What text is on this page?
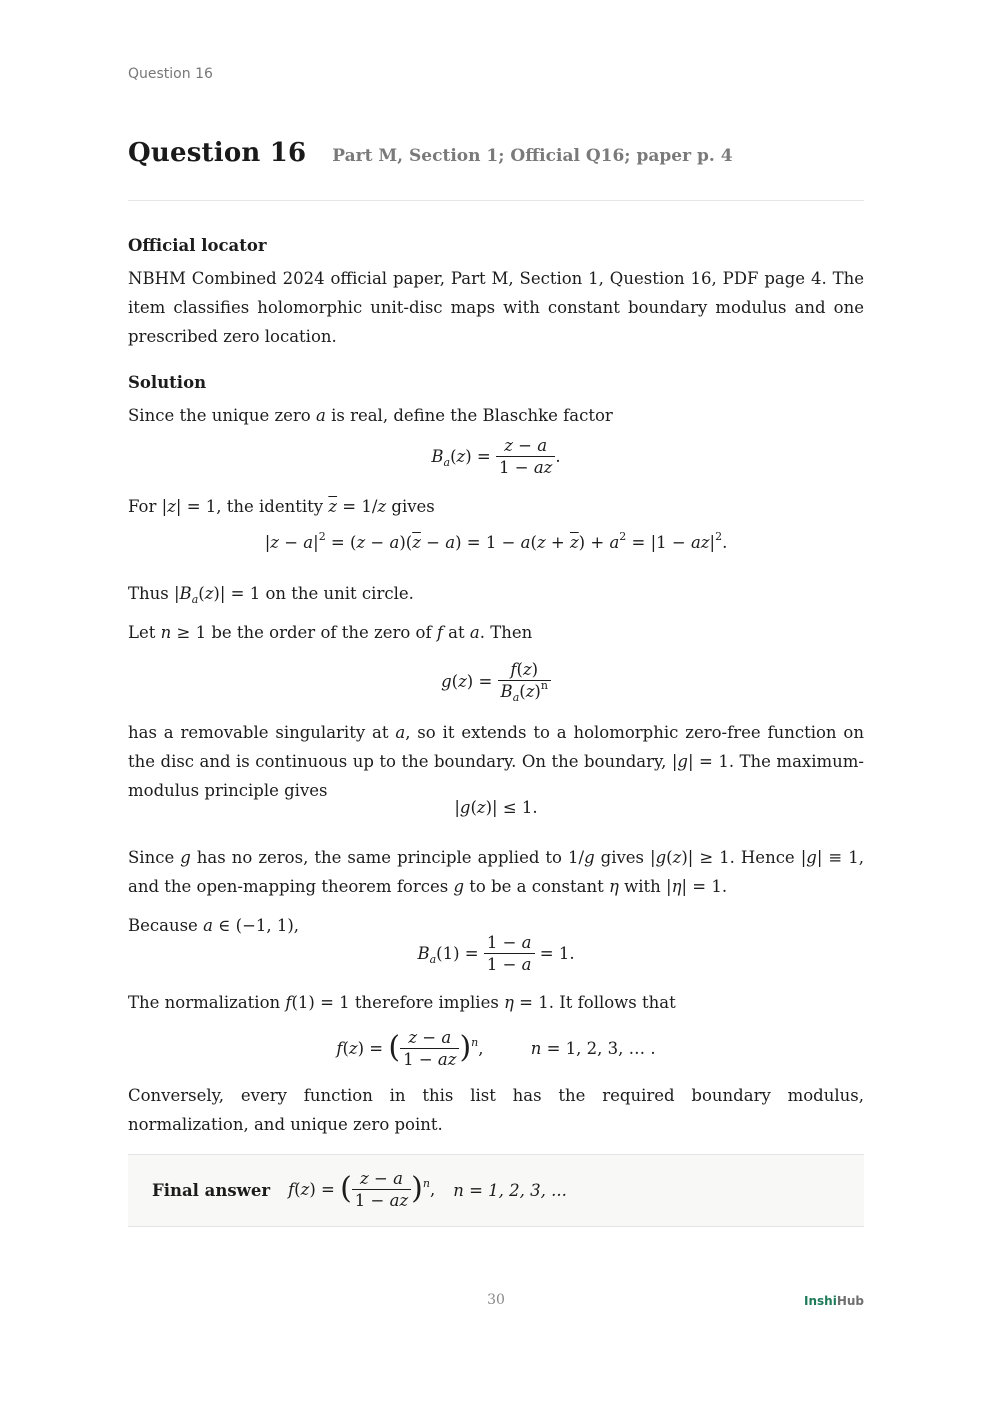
Question 16
Question 16 Part M, Section 1; Official Q16; paper p. 4
Official locator
NBHM Combined 2024 official paper, Part M, Section 1, Question 16, PDF page 4. The item classifies holomorphic unit-disc maps with constant boundary modulus and one prescribed zero location.
Solution
Since the unique zero a is real, define the Blaschke factor
$B_a(z) = \frac{z - a}{1 - az}$ .
For |z| = 1, the identity $\overline{z} = 1/z$ gives
$|z - a|^2 = (z - a)(\overline{z} - a) = 1 - a(z + \overline{z}) + a^2 = |1 - az|^2$.
Thus $|B_a(z)| = 1$ on the unit circle.
Let n ≥ 1 be the order of the zero of f at a. Then
$g(z) = \frac{f(z)}{B_a(z)^n}$
has a removable singularity at a, so it extends to a holomorphic zero-free function on the disc and is continuous up to the boundary. On the boundary, |g| = 1. The maximum-modulus principle gives
|g(z)| ≤ 1.
Since g has no zeros, the same principle applied to 1/g gives |g(z)| ≥ 1. Hence |g| ≡ 1, and the open-mapping theorem forces g to be a constant η with |η| = 1.
Because a ∈ (−1, 1),
$B_a(1) = \frac{1 - a}{1 - a} = 1$.
The normalization f(1) = 1 therefore implies η = 1. It follows that
f(z) = ( $\frac{z - a}{1 - az} )^n$,         n = 1, 2, 3, … .
Conversely, every function in this list has the required boundary modulus, normalization, and unique zero point.
Final answer f(z) = ( $\frac{z - a}{1 - az} )^n$, n = 1, 2, 3, ...
30	InshiHub
